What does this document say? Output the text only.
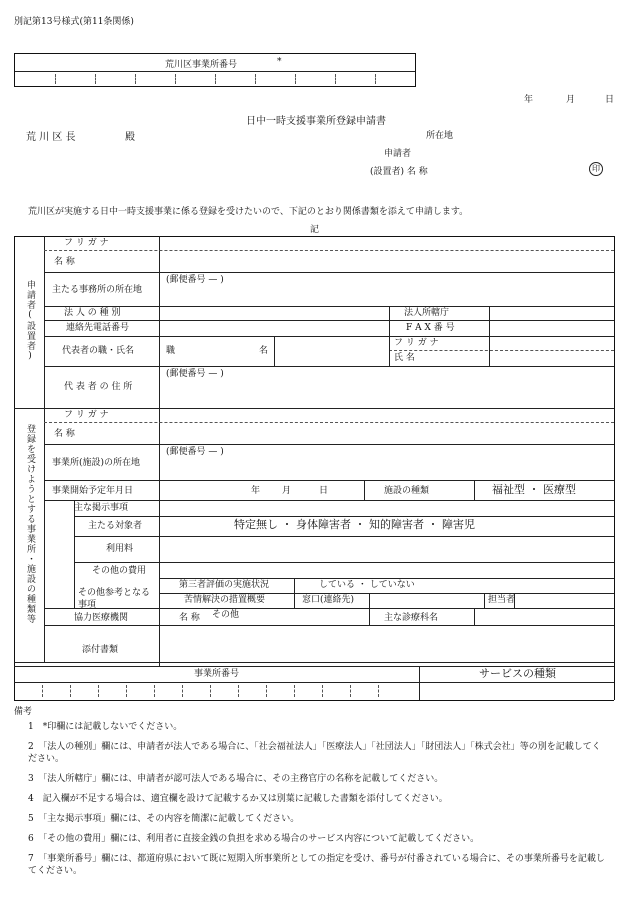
別記第13号様式(第11条関係)
荒川区事業所番号	*
年	月	日
日中一時支援事業所登録申請書
荒 川 区 長	殿	所在地
申請者
(設置者) 名 称	印
荒川区が実施する日中一時支援事業に係る登録を受けたいので、下記のとおり関係書類を添えて申請します。
記
申請者(設置者)
フ リ ガ ナ
名 称
主たる事務所の所在地
(郵便番号 — )
法 人 の 種 別	法人所轄庁
連絡先電話番号	F A X 番 号
代表者の職・氏名	職	名
フ リ ガ ナ
氏 名
代 表 者 の 住 所
(郵便番号 — )
登録を受けようとする事業所・施設の種類等
フ リ ガ ナ
名 称
事業所(施設)の所在地
(郵便番号 — )
事業開始予定年月日	年 月	日	施設の種類	福祉型 ・ 医療型
主な掲示事項
主たる対象者	特定無し ・ 身体障害者 ・ 知的障害者 ・ 障害児
利用料
その他の費用
その他参考となる事項
第三者評価の実施状況	している ・ していない
苦情解決の措置概要	窓口(連絡先)	担当者
その他
協力医療機関	名 称	主な診療科名
添付書類
事業所番号	サービスの種類
備考
1　 *印欄には記載しないでください。
2　 「法人の種別」欄には、申請者が法人である場合に、「社会福祉法人」「医療法人」「社団法人」「財団法人」「株式会社」等の別を記載してください。
3　 「法人所轄庁」欄には、申請者が認可法人である場合に、その主務官庁の名称を記載してください。
4　 記入欄が不足する場合は、適宜欄を設けて記載するか又は別葉に記載した書類を添付してください。
5　 「主な掲示事項」欄には、その内容を簡潔に記載してください。
6　 「その他の費用」欄には、利用者に直接金銭の負担を求める場合のサービス内容について記載してください。
7　 「事業所番号」欄には、都道府県において既に短期入所事業所としての指定を受け、番号が付番されている場合に、その事業所番号を記載してください。
